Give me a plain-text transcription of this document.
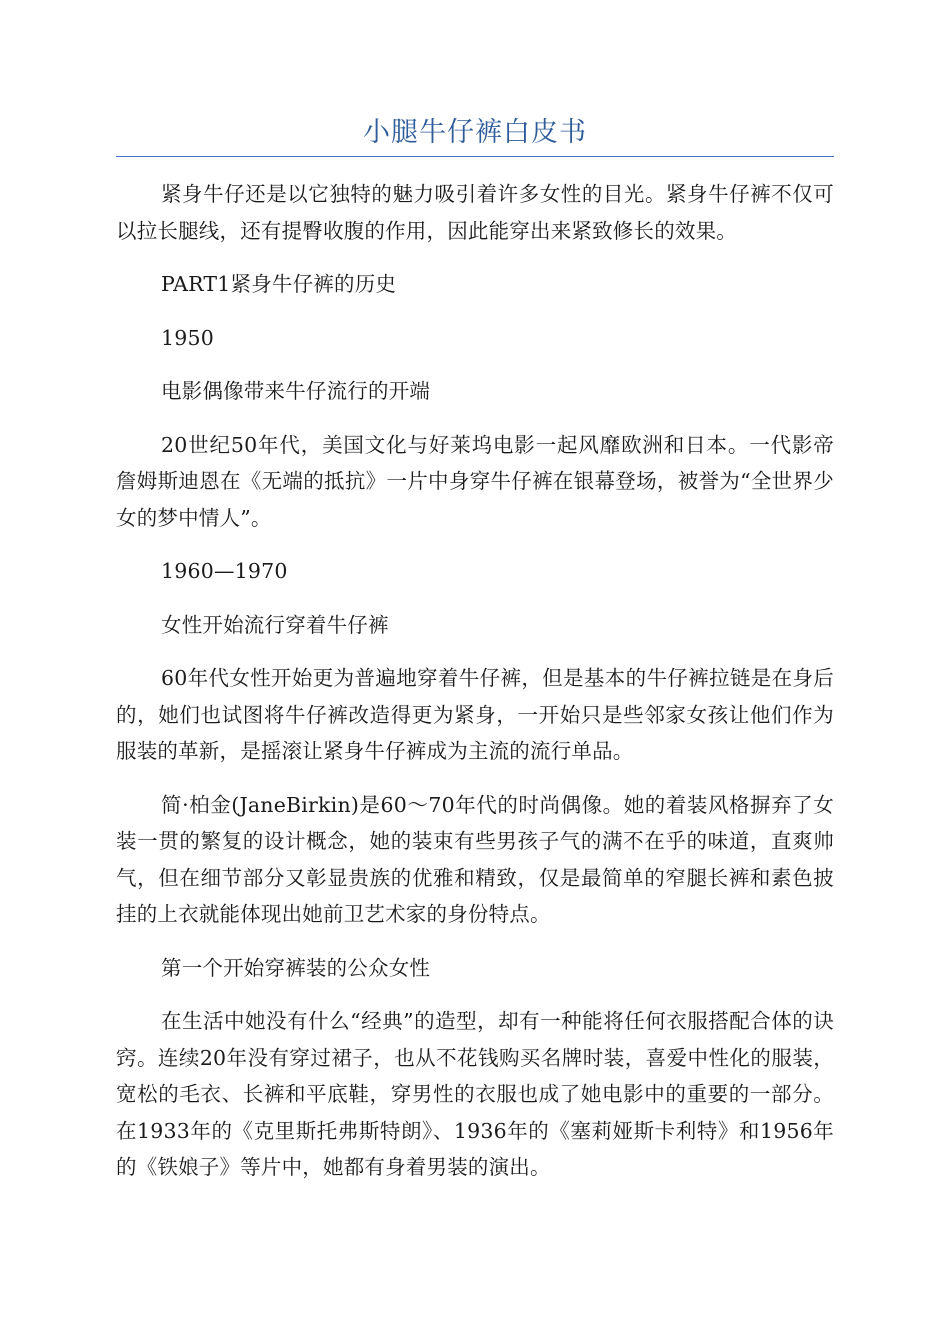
小腿牛仔裤白皮书

紧身牛仔还是以它独特的魅力吸引着许多女性的目光。紧身牛仔裤不仅可以拉长腿线，还有提臀收腹的作用，因此能穿出来紧致修长的效果。

PART1紧身牛仔裤的历史

1950

电影偶像带来牛仔流行的开端

20世纪50年代，美国文化与好莱坞电影一起风靡欧洲和日本。一代影帝詹姆斯迪恩在《无端的抵抗》一片中身穿牛仔裤在银幕登场，被誉为“全世界少女的梦中情人”。

1960—1970

女性开始流行穿着牛仔裤

60年代女性开始更为普遍地穿着牛仔裤，但是基本的牛仔裤拉链是在身后的，她们也试图将牛仔裤改造得更为紧身，一开始只是些邻家女孩让他们作为服装的革新，是摇滚让紧身牛仔裤成为主流的流行单品。

简·柏金(JaneBirkin)是60～70年代的时尚偶像。她的着装风格摒弃了女装一贯的繁复的设计概念，她的装束有些男孩子气的满不在乎的味道，直爽帅气，但在细节部分又彰显贵族的优雅和精致，仅是最简单的窄腿长裤和素色披挂的上衣就能体现出她前卫艺术家的身份特点。

第一个开始穿裤装的公众女性

在生活中她没有什么“经典”的造型，却有一种能将任何衣服搭配合体的诀窍。连续20年没有穿过裙子，也从不花钱购买名牌时装，喜爱中性化的服装，宽松的毛衣、长裤和平底鞋，穿男性的衣服也成了她电影中的重要的一部分。在1933年的《克里斯托弗斯特朗》、1936年的《塞莉娅斯卡利特》和1956年的《铁娘子》等片中，她都有身着男装的演出。
